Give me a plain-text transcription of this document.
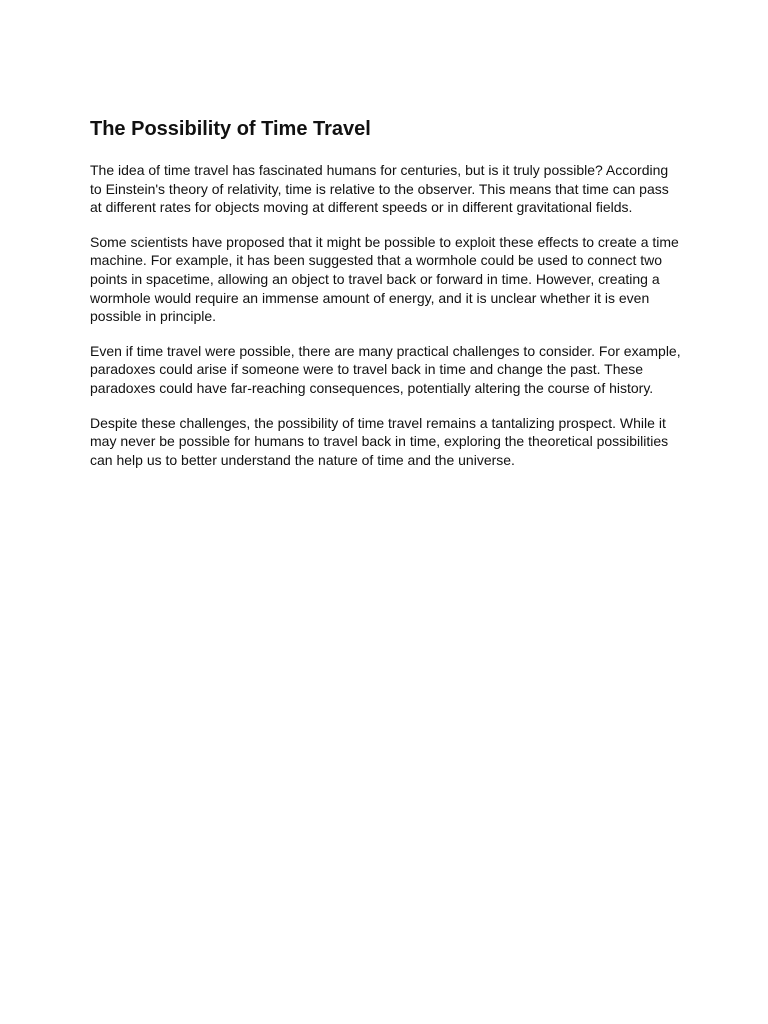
The Possibility of Time Travel

The idea of time travel has fascinated humans for centuries, but is it truly possible? According to Einstein's theory of relativity, time is relative to the observer. This means that time can pass at different rates for objects moving at different speeds or in different gravitational fields.

Some scientists have proposed that it might be possible to exploit these effects to create a time machine. For example, it has been suggested that a wormhole could be used to connect two points in spacetime, allowing an object to travel back or forward in time. However, creating a wormhole would require an immense amount of energy, and it is unclear whether it is even possible in principle.

Even if time travel were possible, there are many practical challenges to consider. For example, paradoxes could arise if someone were to travel back in time and change the past. These paradoxes could have far-reaching consequences, potentially altering the course of history.

Despite these challenges, the possibility of time travel remains a tantalizing prospect. While it may never be possible for humans to travel back in time, exploring the theoretical possibilities can help us to better understand the nature of time and the universe.
